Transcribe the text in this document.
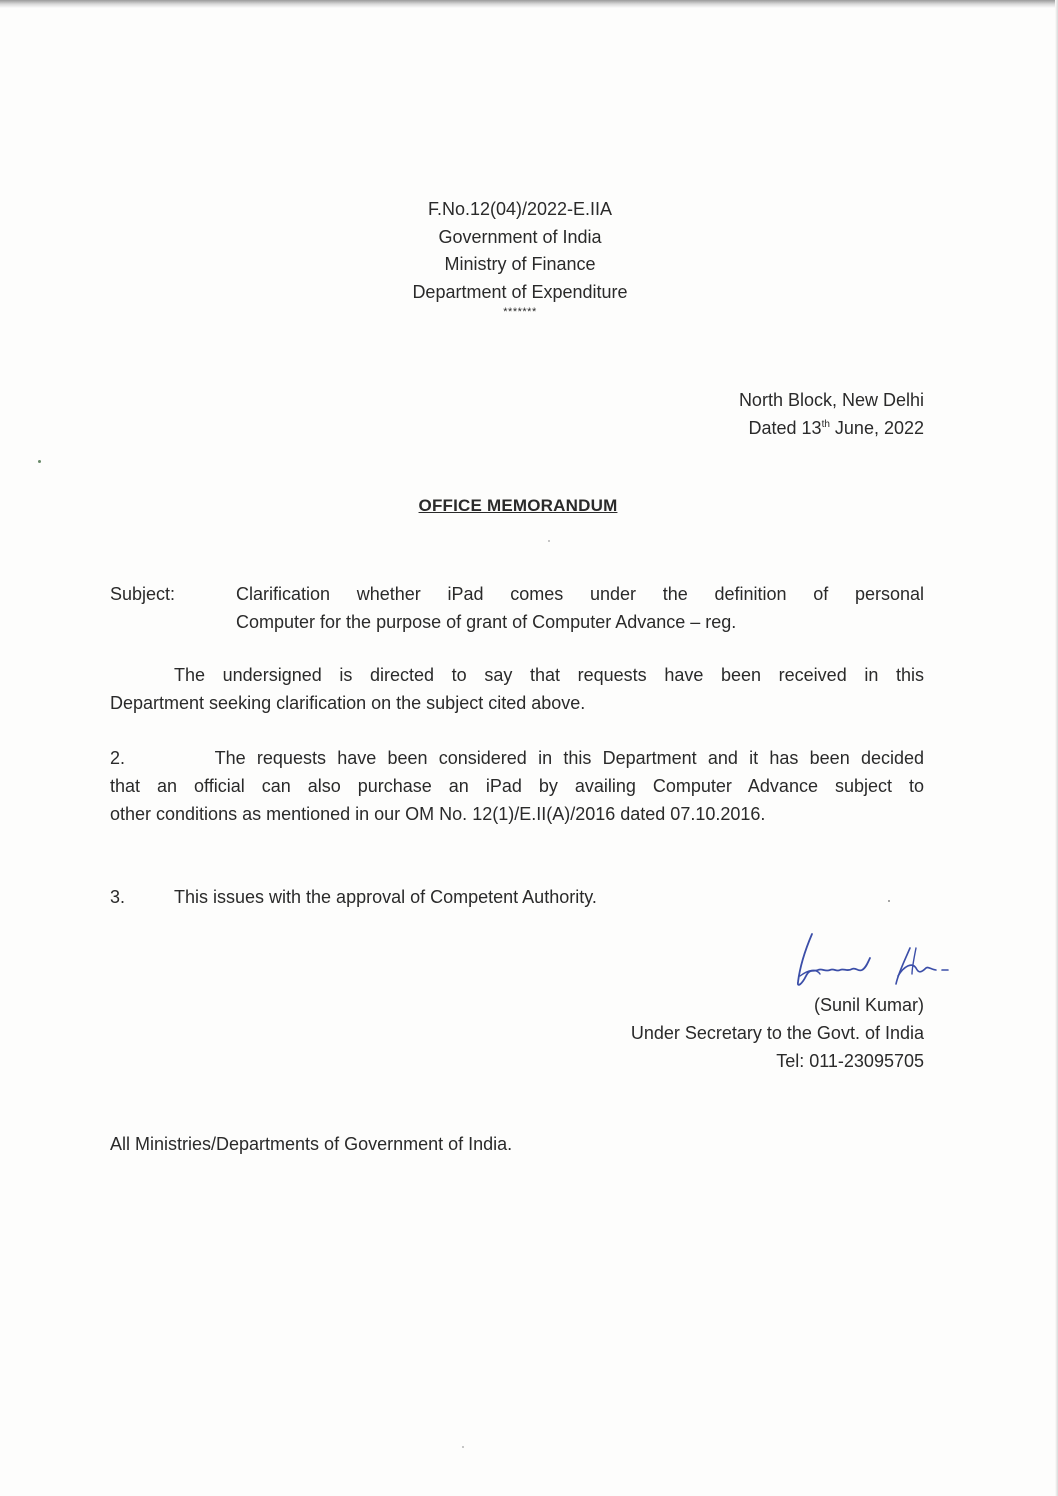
F.No.12(04)/2022-E.IIA
Government of India
Ministry of Finance
Department of Expenditure
*******
North Block, New Delhi
Dated 13th June, 2022
OFFICE MEMORANDUM
Subject:	Clarification whether iPad comes under the definition of personal
Computer for the purpose of grant of Computer Advance – reg.
The undersigned is directed to say that requests have been received in this
Department seeking clarification on the subject cited above.
2.        The requests have been considered in this Department and it has been decided
that an official can also purchase an iPad by availing Computer Advance subject to
other conditions as mentioned in our OM No. 12(1)/E.II(A)/2016 dated 07.10.2016.
3.	This issues with the approval of Competent Authority.
(Sunil Kumar)
Under Secretary to the Govt. of India
Tel: 011-23095705
All Ministries/Departments of Government of India.
